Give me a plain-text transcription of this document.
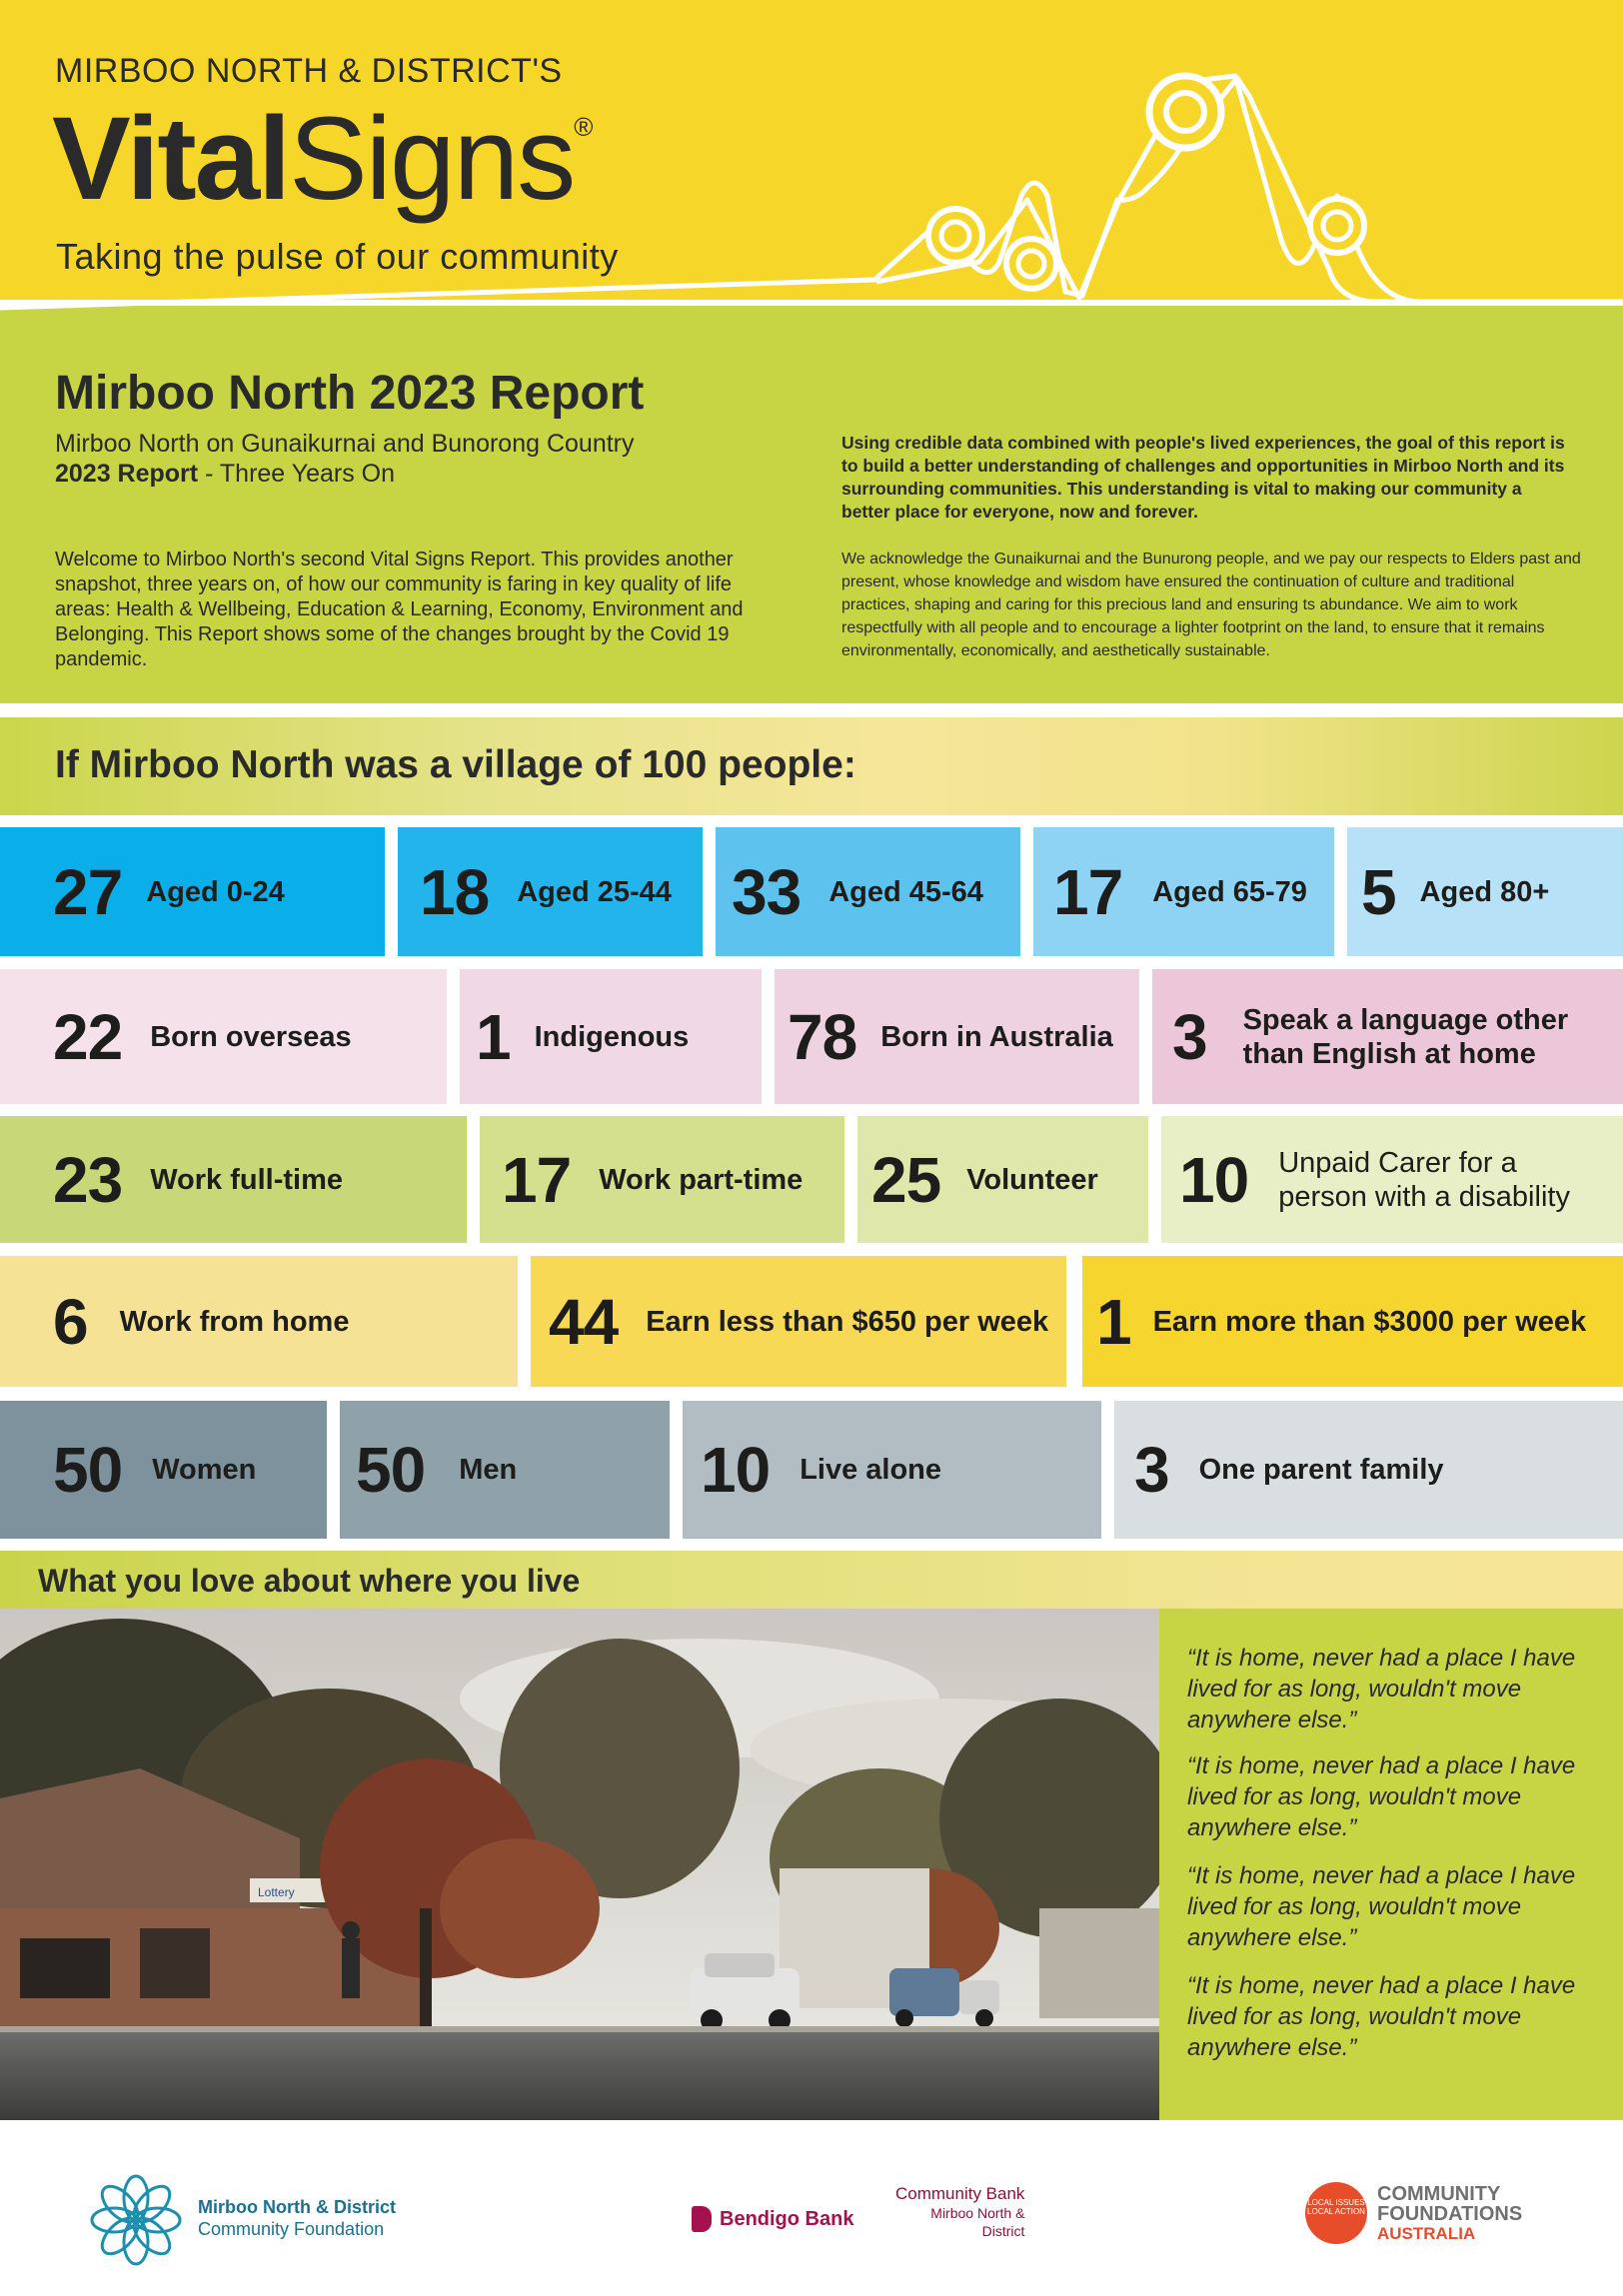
MIRBOO NORTH & DISTRICT'S
VitalSigns®
Taking the pulse of our community
Mirboo North 2023 Report
Mirboo North on Gunaikurnai and Bunorong Country
2023 Report - Three Years On

Welcome to Mirboo North's second Vital Signs Report. This provides another snapshot, three years on, of how our community is faring in key quality of life areas: Health & Wellbeing, Education & Learning, Economy, Environment and Belonging. This Report shows some of the changes brought by the Covid 19 pandemic.

Using credible data combined with people's lived experiences, the goal of this report is to build a better understanding of challenges and opportunities in Mirboo North and its surrounding communities. This understanding is vital to making our community a better place for everyone, now and forever.

We acknowledge the Gunaikurnai and the Bunurong people, and we pay our respects to Elders past and present, whose knowledge and wisdom have ensured the continuation of culture and traditional practices, shaping and caring for this precious land and ensuring ts abundance. We aim to work respectfully with all people and to encourage a lighter footprint on the land, to ensure that it remains environmentally, economically, and aesthetically sustainable.

If Mirboo North was a village of 100 people:
27 Aged 0-24 18 Aged 25-44 33 Aged 45-64 17 Aged 65-79 5 Aged 80+
22 Born overseas 1 Indigenous 78 Born in Australia 3 Speak a language other than English at home
23 Work full-time 17 Work part-time 25 Volunteer 10 Unpaid Carer for a person with a disability
6 Work from home	44 Earn less than $650 per week 1 Earn more than $3000 per week
50 Women 50 Men	10 Live alone	3 One parent family
What you love about where you live
Lottery

“It is home, never had a place I have lived for as long, wouldn't move anywhere else.”

“It is home, never had a place I have lived for as long, wouldn't move anywhere else.”

“It is home, never had a place I have lived for as long, wouldn't move anywhere else.”

“It is home, never had a place I have lived for as long, wouldn't move anywhere else.”

Mirboo North & District
Community Foundation	Bendigo Bank
Community Bank
Mirboo North &
District
LOCAL ISSUES LOCAL ACTION
COMMUNITY
FOUNDATIONS
AUSTRALIA
